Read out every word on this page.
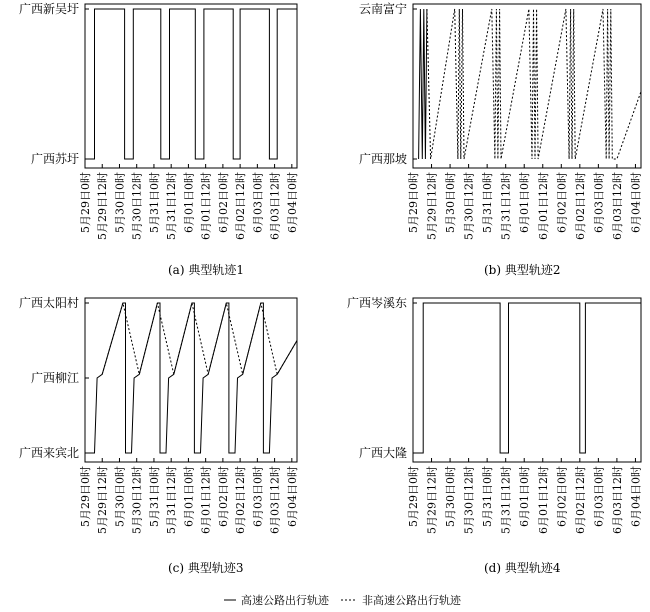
5月29日0时 5月29日12时 5月30日0时 5月30日12时 5月31日0时 5月31日12时 6月01日0时 6月01日12时 6月02日0时 6月02日12时 6月03日0时 6月03日12时 6月04日0时
广西苏圩
广西新吴圩
(a) 典型轨迹1
5月29日0时 5月29日12时 5月30日0时 5月30日12时 5月31日0时 5月31日12时 6月01日0时 6月01日12时 6月02日0时 6月02日12时 6月03日0时 6月03日12时 6月04日0时
广西那坡
云南富宁
(b) 典型轨迹2
5月29日0时 5月29日12时 5月30日0时 5月30日12时 5月31日0时 5月31日12时 6月01日0时 6月01日12时 6月02日0时 6月02日12时 6月03日0时 6月03日12时 6月04日0时
广西来宾北
广西柳江
广西太阳村
(c) 典型轨迹3
5月29日0时 5月29日12时 5月30日0时 5月30日12时 5月31日0时 5月31日12时 6月01日0时 6月01日12时 6月02日0时 6月02日12时 6月03日0时 6月03日12时 6月04日0时
广西大隆
广西岑溪东
(d) 典型轨迹4
高速公路出行轨迹	非高速公路出行轨迹
